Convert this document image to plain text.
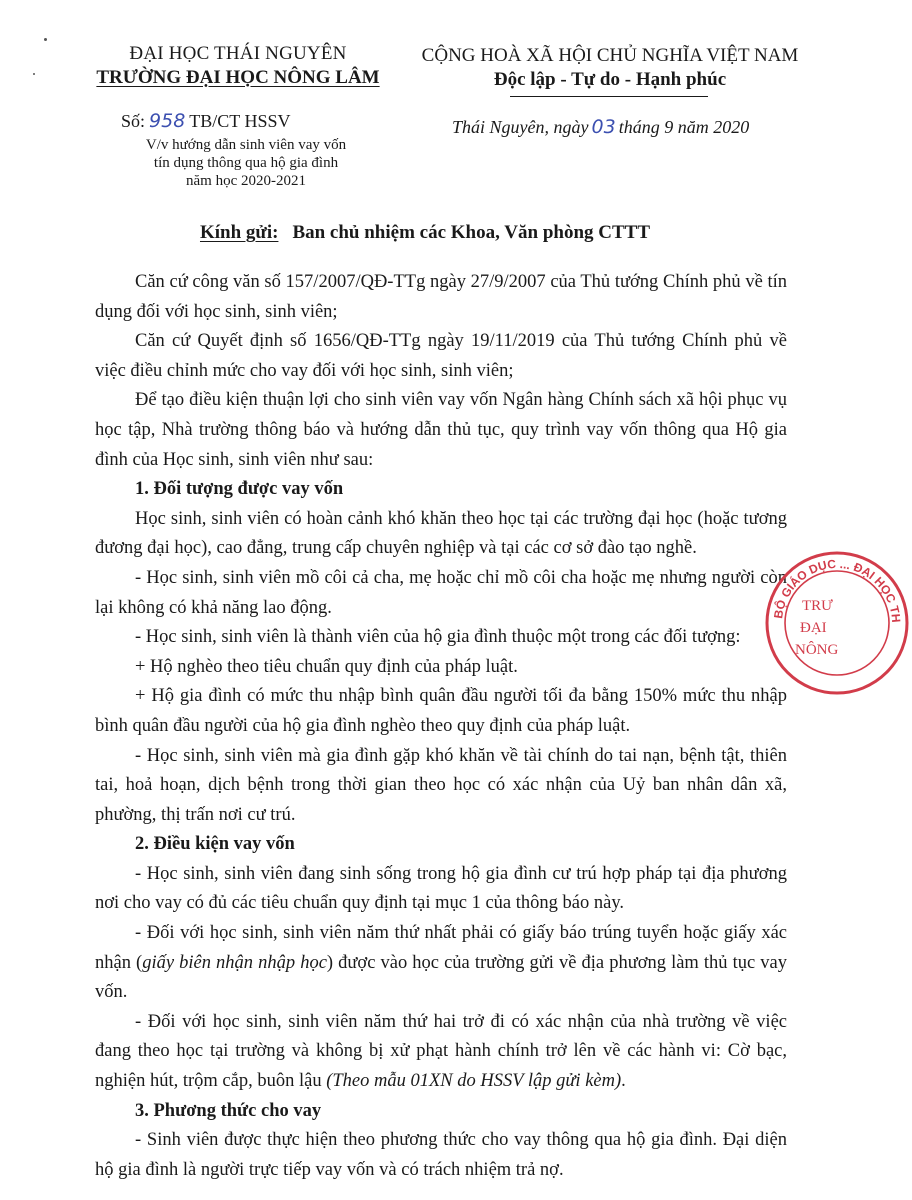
ĐẠI HỌC THÁI NGUYÊN
TRƯỜNG ĐẠI HỌC NÔNG LÂM
Số: 958 TB/CT HSSV
V/v hướng dẫn sinh viên vay vốn
tín dụng thông qua hộ gia đình
năm học 2020-2021
CỘNG HOÀ XÃ HỘI CHỦ NGHĨA VIỆT NAM
Độc lập - Tự do - Hạnh phúc
Thái Nguyên, ngày 03 tháng 9 năm 2020
Kính gửi: Ban chủ nhiệm các Khoa, Văn phòng CTTT

Căn cứ công văn số 157/2007/QĐ-TTg ngày 27/9/2007 của Thủ tướng Chính phủ về tín dụng đối với học sinh, sinh viên;

Căn cứ Quyết định số 1656/QĐ-TTg ngày 19/11/2019 của Thủ tướng Chính phủ về việc điều chỉnh mức cho vay đối với học sinh, sinh viên;

Để tạo điều kiện thuận lợi cho sinh viên vay vốn Ngân hàng Chính sách xã hội phục vụ học tập, Nhà trường thông báo và hướng dẫn thủ tục, quy trình vay vốn thông qua Hộ gia đình của Học sinh, sinh viên như sau:

1. Đối tượng được vay vốn

Học sinh, sinh viên có hoàn cảnh khó khăn theo học tại các trường đại học (hoặc tương đương đại học), cao đẳng, trung cấp chuyên nghiệp và tại các cơ sở đào tạo nghề.

- Học sinh, sinh viên mồ côi cả cha, mẹ hoặc chỉ mồ côi cha hoặc mẹ nhưng người còn lại không có khả năng lao động.

- Học sinh, sinh viên là thành viên của hộ gia đình thuộc một trong các đối tượng:

+ Hộ nghèo theo tiêu chuẩn quy định của pháp luật.

+ Hộ gia đình có mức thu nhập bình quân đầu người tối đa bằng 150% mức thu nhập bình quân đầu người của hộ gia đình nghèo theo quy định của pháp luật.

- Học sinh, sinh viên mà gia đình gặp khó khăn về tài chính do tai nạn, bệnh tật, thiên tai, hoả hoạn, dịch bệnh trong thời gian theo học có xác nhận của Uỷ ban nhân dân xã, phường, thị trấn nơi cư trú.

2. Điều kiện vay vốn

- Học sinh, sinh viên đang sinh sống trong hộ gia đình cư trú hợp pháp tại địa phương nơi cho vay có đủ các tiêu chuẩn quy định tại mục 1 của thông báo này.

- Đối với học sinh, sinh viên năm thứ nhất phải có giấy báo trúng tuyển hoặc giấy xác nhận (giấy biên nhận nhập học) được vào học của trường gửi về địa phương làm thủ tục vay vốn.

- Đối với học sinh, sinh viên năm thứ hai trở đi có xác nhận của nhà trường về việc đang theo học tại trường và không bị xử phạt hành chính trở lên về các hành vi: Cờ bạc, nghiện hút, trộm cắp, buôn lậu (Theo mẫu 01XN do HSSV lập gửi kèm).

3. Phương thức cho vay

- Sinh viên được thực hiện theo phương thức cho vay thông qua hộ gia đình. Đại diện hộ gia đình là người trực tiếp vay vốn và có trách nhiệm trả nợ.

BỘ GIÁO DỤC ... ĐẠI HỌC TH
TRƯ
ĐẠI
NÔNG
